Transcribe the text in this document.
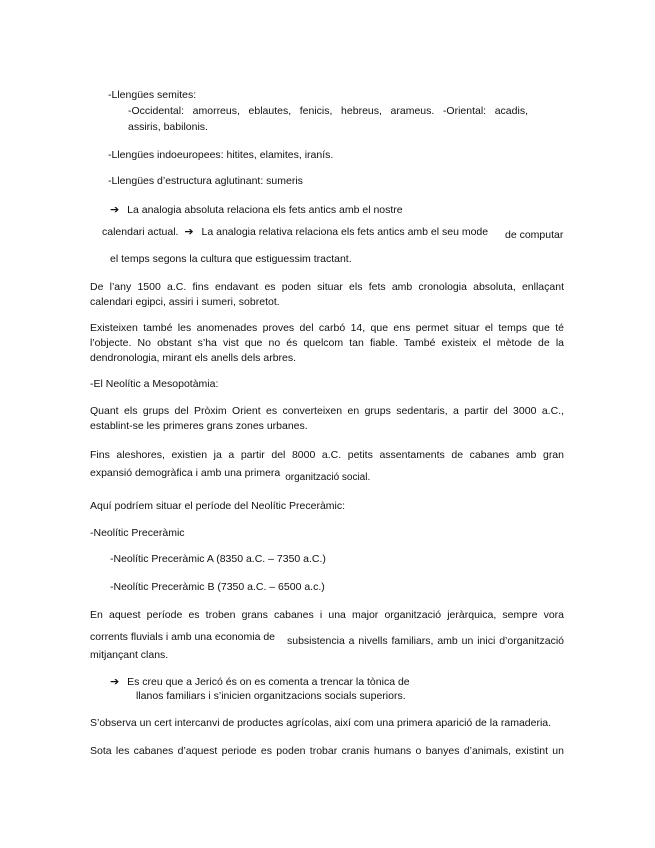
-Llengües semites:
-Occidental: amorreus, eblautes, fenicis, hebreus, arameus. -Oriental: acadis,
assiris, babilonis.
-Llengües indoeuropees: hitites, elamites, iranís.
-Llengües d’estructura aglutinant: sumeris
➔ La analogia absoluta relaciona els fets antics amb el nostre
calendari actual. ➔ La analogia relativa relaciona els fets antics amb el seu mode de computar
el temps segons la cultura que estiguessim tractant.
De l’any 1500 a.C. fins endavant es poden situar els fets amb cronologia absoluta, enllaçant
calendari egipci, assiri i sumeri, sobretot.
Existeixen també les anomenades proves del carbó 14, que ens permet situar el temps que té
l’objecte. No obstant s’ha vist que no és quelcom tan fiable. També existeix el mètode de la
dendronologia, mirant els anells dels arbres.
-El Neolític a Mesopotàmia:
Quant els grups del Pròxim Orient es converteixen en grups sedentaris, a partir del 3000 a.C.,
establint-se les primeres grans zones urbanes.
Fins aleshores, existien ja a partir del 8000 a.C. petits assentaments de cabanes amb gran
expansió demogràfica i amb una primera organització social.
Aquí podríem situar el període del Neolític Preceràmic:
-Neolític Preceràmic
-Neolític Preceràmic A (8350 a.C. – 7350 a.C.)
-Neolític Preceràmic B (7350 a.C. – 6500 a.c.)
En aquest període es troben grans cabanes i una major organització jeràrquica, sempre vora
corrents fluvials i amb una economia de subsistencia a nivells familiars, amb un inici d’organització
mitjançant clans.
➔ Es creu que a Jericó és on es comenta a trencar la tònica de
llanos familiars i s’inicien organitzacions socials superiors.
S’observa un cert intercanvi de productes agrícolas, així com una primera aparició de la ramaderia.
Sota les cabanes d’aquest periode es poden trobar cranis humans o banyes d’animals, existint un
